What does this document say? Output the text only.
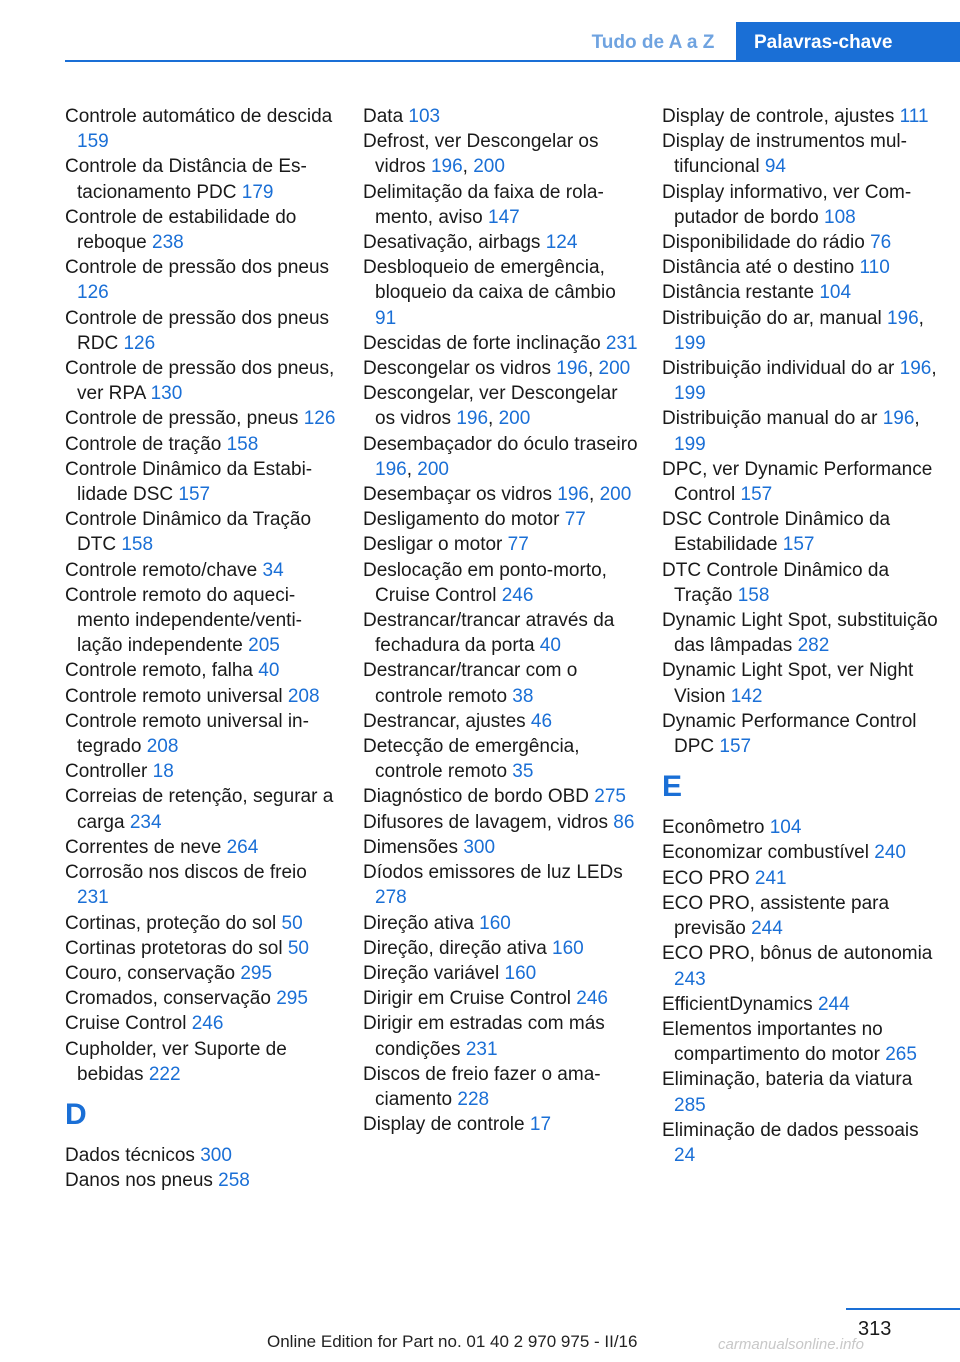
Tudo de A a Z	Palavras-chave
Controle automático de descida 159
Controle da Distância de Estacionamento PDC 179
Controle de estabilidade do reboque 238
Controle de pressão dos pneus 126
Controle de pressão dos pneus RDC 126
Controle de pressão dos pneus, ver RPA 130
Controle de pressão, pneus 126
Controle de tração 158
Controle Dinâmico da Estabilidade DSC 157
Controle Dinâmico da Tração DTC 158
Controle remoto/chave 34
Controle remoto do aquecimento independente/ventilação independente 205
Controle remoto, falha 40
Controle remoto universal 208
Controle remoto universal integrado 208
Controller 18
Correias de retenção, segurar a carga 234
Correntes de neve 264
Corrosão nos discos de freio 231
Cortinas, proteção do sol 50
Cortinas protetoras do sol 50
Couro, conservação 295
Cromados, conservação 295
Cruise Control 246
Cupholder, ver Suporte de bebidas 222
D
Dados técnicos 300
Danos nos pneus 258
Data 103
Defrost, ver Descongelar os vidros 196, 200
Delimitação da faixa de rolamento, aviso 147
Desativação, airbags 124
Desbloqueio de emergência, bloqueio da caixa de câmbio 91
Descidas de forte inclinação 231
Descongelar os vidros 196, 200
Descongelar, ver Descongelar os vidros 196, 200
Desembaçador do óculo traseiro 196, 200
Desembaçar os vidros 196, 200
Desligamento do motor 77
Desligar o motor 77
Deslocação em ponto-morto, Cruise Control 246
Destrancar/trancar através da fechadura da porta 40
Destrancar/trancar com o controle remoto 38
Destrancar, ajustes 46
Detecção de emergência, controle remoto 35
Diagnóstico de bordo OBD 275
Difusores de lavagem, vidros 86
Dimensões 300
Díodos emissores de luz LEDs 278
Direção ativa 160
Direção, direção ativa 160
Direção variável 160
Dirigir em Cruise Control 246
Dirigir em estradas com más condições 231
Discos de freio fazer o amaciamento 228
Display de controle 17
Display de controle, ajustes 111
Display de instrumentos multifuncional 94
Display informativo, ver Computador de bordo 108
Disponibilidade do rádio 76
Distância até o destino 110
Distância restante 104
Distribuição do ar, manual 196, 199
Distribuição individual do ar 196, 199
Distribuição manual do ar 196, 199
DPC, ver Dynamic Performance Control 157
DSC Controle Dinâmico da Estabilidade 157
DTC Controle Dinâmico da Tração 158
Dynamic Light Spot, substituição das lâmpadas 282
Dynamic Light Spot, ver Night Vision 142
Dynamic Performance Control DPC 157
E
Econômetro 104
Economizar combustível 240
ECO PRO 241
ECO PRO, assistente para previsão 244
ECO PRO, bônus de autonomia 243
EfficientDynamics 244
Elementos importantes no compartimento do motor 265
Eliminação, bateria da viatura 285
Eliminação de dados pessoais 24
313
Online Edition for Part no. 01 40 2 970 975 - II/16	carmanualsonline.info
